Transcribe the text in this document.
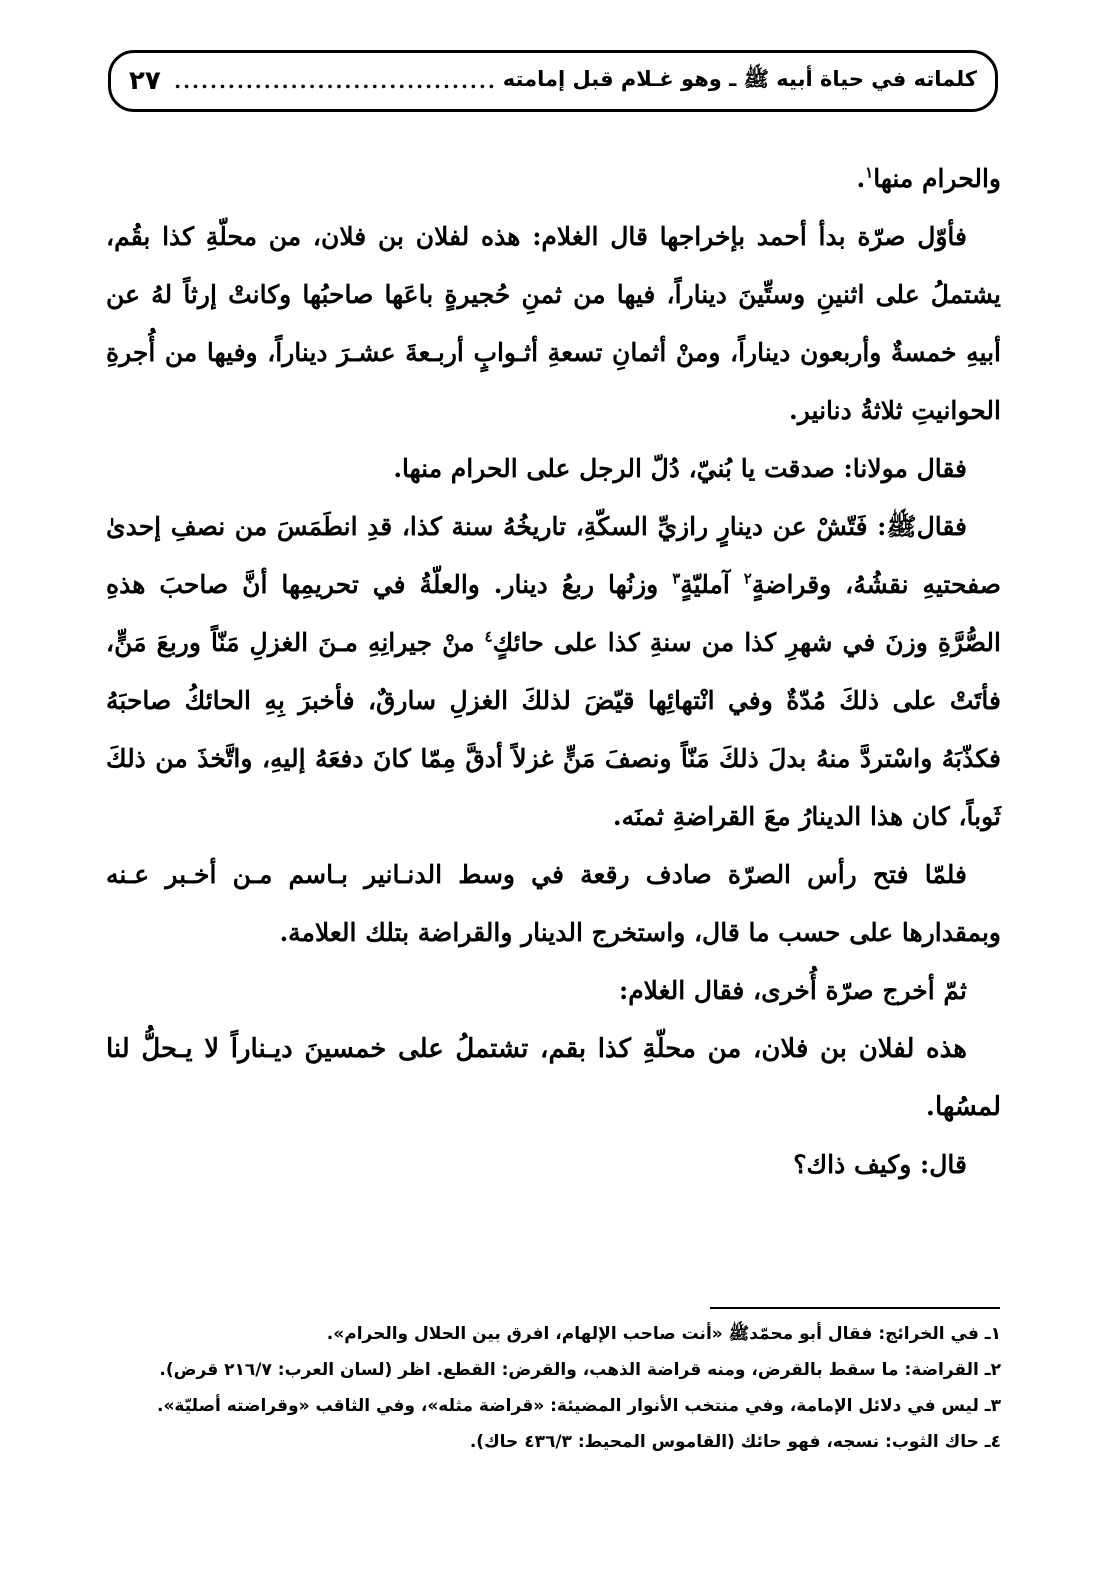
كلماته في حياة أبيه ﷺ ـ وهو غـلام قبل إمامته
....................................
٢٧

والحرام منها$^١$.

فأوّل صرّة بدأ أحمد بإخراجها قال الغلام: هذه لفلان بن فلان، من محلّةِ كذا بقُم، يشتملُ على اثنينِ وستِّينَ ديناراً، فيها من ثمنِ حُجيرةٍ باعَها صاحبُها وكانتْ إرثاً لهُ عن أبيهِ خمسةٌ وأربعون ديناراً، ومنْ أثمانِ تسعةِ أثـوابٍ أربـعةَ عشـرَ ديناراً، وفيها من أُجرةِ الحوانيتِ ثلاثةُ دنانير.

فقال مولانا: صدقت يا بُنيّ، دُلّ الرجل على الحرام منها.

فقالﷺ: فَتّشْ عن دينارٍ رازيِّ السكّةِ، تاريخُهُ سنة كذا، قدِ انطَمَسَ من نصفِ إحدىٰ صفحتيهِ نقشُهُ، وقراضةٍ$^٢$ آمليّةٍ$^٣$ وزنُها ربعُ دينار. والعلّةُ في تحريمِها أنَّ صاحبَ هذهِ الصُّرَّةِ وزنَ في شهرِ كذا من سنةِ كذا على حائكٍ$^٤$ منْ جيرانِهِ مـنَ الغزلِ مَنّاً وربعَ مَنٍّ، فأتَتْ على ذلكَ مُدّةٌ وفي انْتهائِها قيّضَ لذلكَ الغزلِ سارقٌ، فأخبرَ بِهِ الحائكُ صاحبَهُ فكذّبَهُ واسْتردَّ منهُ بدلَ ذلكَ مَنّاً ونصفَ مَنٍّ غزلاً أدقَّ مِمّا كانَ دفعَهُ إليهِ، واتَّخذَ من ذلكَ ثَوباً، كان هذا الدينارُ معَ القراضةِ ثمنَه.

فلمّا فتح رأس الصرّة صادف رقعة في وسط الدنـانير بـاسم مـن أخـبر عـنه وبمقدارها على حسب ما قال، واستخرج الدينار والقراضة بتلك العلامة.

ثمّ أخرج صرّة أُخرى، فقال الغلام:

هذه لفلان بن فلان، من محلّةِ كذا بقم، تشتملُ على خمسينَ ديـناراً لا يـحلُّ لنا لمسُها.

قال: وكيف ذاك؟

١ـ في الخرائج: فقال أبو محمّدﷺ «أنت صاحب الإلهام، افرق بين الحلال والحرام».

٢ـ القراضة: ما سقط بالقرض، ومنه قراضة الذهب، والقرض: القطع. اظر (لسان العرب: ٢١٦/٧ قرض).

٣ـ ليس في دلائل الإمامة، وفي منتخب الأنوار المضيئة: «قراضة مثله»، وفي الثاقب «وقراضته أصليّة».

٤ـ حاك الثوب: نسجه، فهو حائك (القاموس المحيط: ٤٣٦/٣ حاك).
